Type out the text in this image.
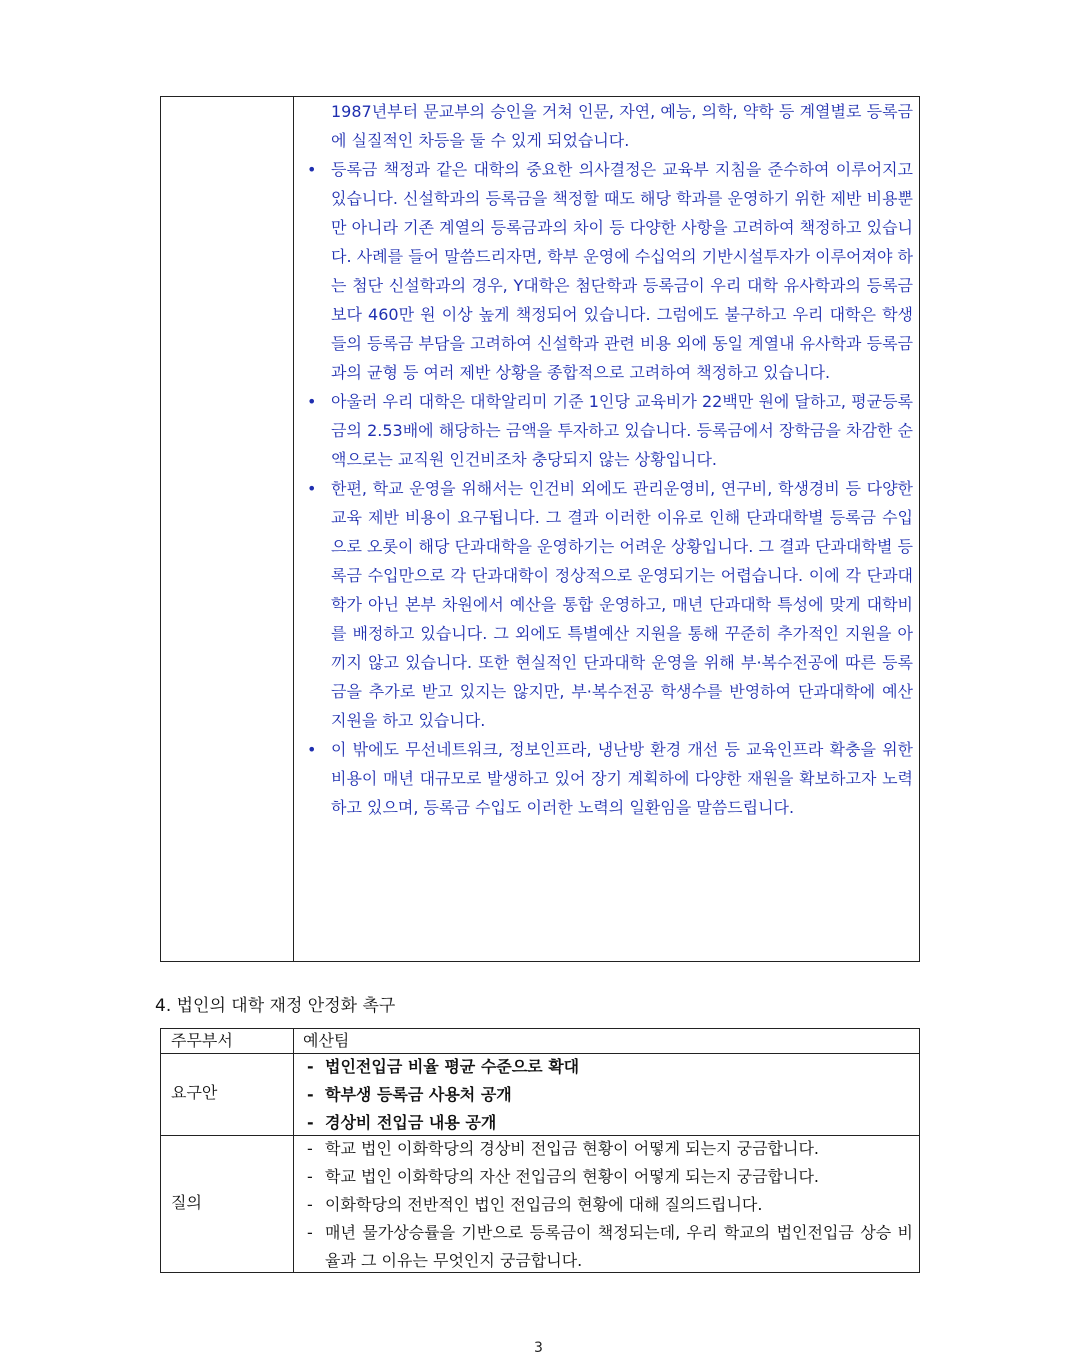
1987년부터 문교부의 승인을 거쳐 인문, 자연, 예능, 의학, 약학 등 계열별로 등록금에 실질적인 차등을 둘 수 있게 되었습니다.
• 등록금 책정과 같은 대학의 중요한 의사결정은 교육부 지침을 준수하여 이루어지고 있습니다. 신설학과의 등록금을 책정할 때도 해당 학과를 운영하기 위한 제반 비용뿐만 아니라 기존 계열의 등록금과의 차이 등 다양한 사항을 고려하여 책정하고 있습니다. 사례를 들어 말씀드리자면, 학부 운영에 수십억의 기반시설투자가 이루어져야 하는 첨단 신설학과의 경우, Y대학은 첨단학과 등록금이 우리 대학 유사학과의 등록금보다 460만 원 이상 높게 책정되어 있습니다. 그럼에도 불구하고 우리 대학은 학생들의 등록금 부담을 고려하여 신설학과 관련 비용 외에 동일 계열내 유사학과 등록금과의 균형 등 여러 제반 상황을 종합적으로 고려하여 책정하고 있습니다.
• 아울러 우리 대학은 대학알리미 기준 1인당 교육비가 22백만 원에 달하고, 평균등록금의 2.53배에 해당하는 금액을 투자하고 있습니다. 등록금에서 장학금을 차감한 순액으로는 교직원 인건비조차 충당되지 않는 상황입니다.
• 한편, 학교 운영을 위해서는 인건비 외에도 관리운영비, 연구비, 학생경비 등 다양한 교육 제반 비용이 요구됩니다. 그 결과 이러한 이유로 인해 단과대학별 등록금 수입으로 오롯이 해당 단과대학을 운영하기는 어려운 상황입니다. 그 결과 단과대학별 등록금 수입만으로 각 단과대학이 정상적으로 운영되기는 어렵습니다. 이에 각 단과대학가 아닌 본부 차원에서 예산을 통합 운영하고, 매년 단과대학 특성에 맞게 대학비를 배정하고 있습니다. 그 외에도 특별예산 지원을 통해 꾸준히 추가적인 지원을 아끼지 않고 있습니다. 또한 현실적인 단과대학 운영을 위해 부·복수전공에 따른 등록금을 추가로 받고 있지는 않지만, 부·복수전공 학생수를 반영하여 단과대학에 예산 지원을 하고 있습니다.
• 이 밖에도 무선네트워크, 정보인프라, 냉난방 환경 개선 등 교육인프라 확충을 위한 비용이 매년 대규모로 발생하고 있어 장기 계획하에 다양한 재원을 확보하고자 노력하고 있으며, 등록금 수입도 이러한 노력의 일환임을 말씀드립니다.
4. 법인의 대학 재정 안정화 촉구
주무부서	예산팀
요구안
- 법인전입금 비율 평균 수준으로 확대
- 학부생 등록금 사용처 공개
- 경상비 전입금 내용 공개
질의
- 학교 법인 이화학당의 경상비 전입금 현황이 어떻게 되는지 궁금합니다.
- 학교 법인 이화학당의 자산 전입금의 현황이 어떻게 되는지 궁금합니다.
- 이화학당의 전반적인 법인 전입금의 현황에 대해 질의드립니다.
- 매년 물가상승률을 기반으로 등록금이 책정되는데, 우리 학교의 법인전입금 상승 비율과 그 이유는 무엇인지 궁금합니다.
3
